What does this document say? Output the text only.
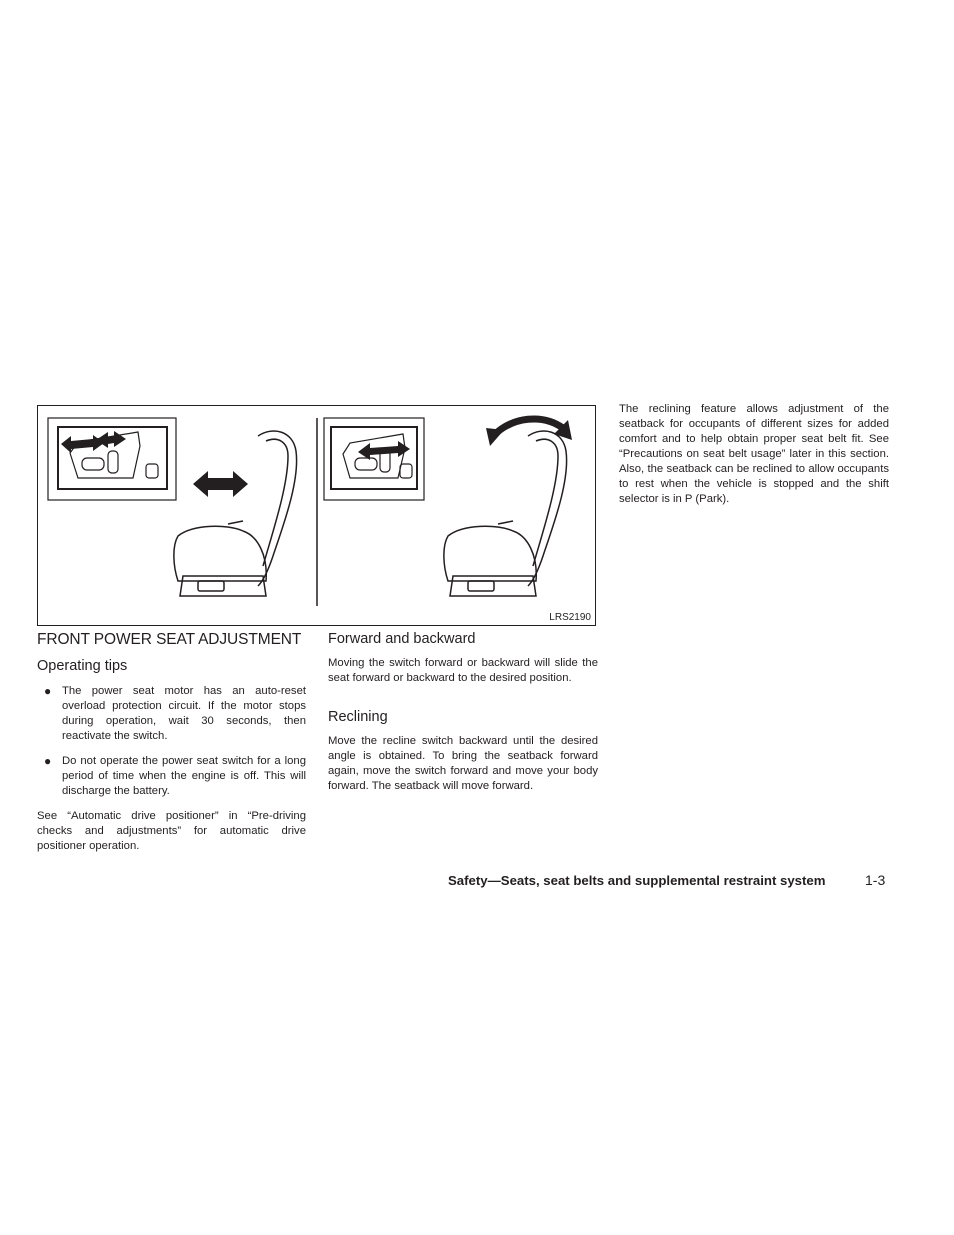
LRS2190
FRONT POWER SEAT ADJUSTMENT
Operating tips
● The power seat motor has an auto-reset overload protection circuit. If the motor stops during operation, wait 30 seconds, then reactivate the switch.
● Do not operate the power seat switch for a long period of time when the engine is off. This will discharge the battery.
See “Automatic drive positioner” in “Pre-driving checks and adjustments” for automatic drive positioner operation.
Forward and backward
Moving the switch forward or backward will slide the seat forward or backward to the desired position.
Reclining
Move the recline switch backward until the desired angle is obtained. To bring the seatback forward again, move the switch forward and move your body forward. The seatback will move forward.
The reclining feature allows adjustment of the seatback for occupants of different sizes for added comfort and to help obtain proper seat belt fit. See “Precautions on seat belt usage” later in this section. Also, the seatback can be reclined to allow occupants to rest when the vehicle is stopped and the shift selector is in P (Park).
Safety—Seats, seat belts and supplemental restraint system	1-3
